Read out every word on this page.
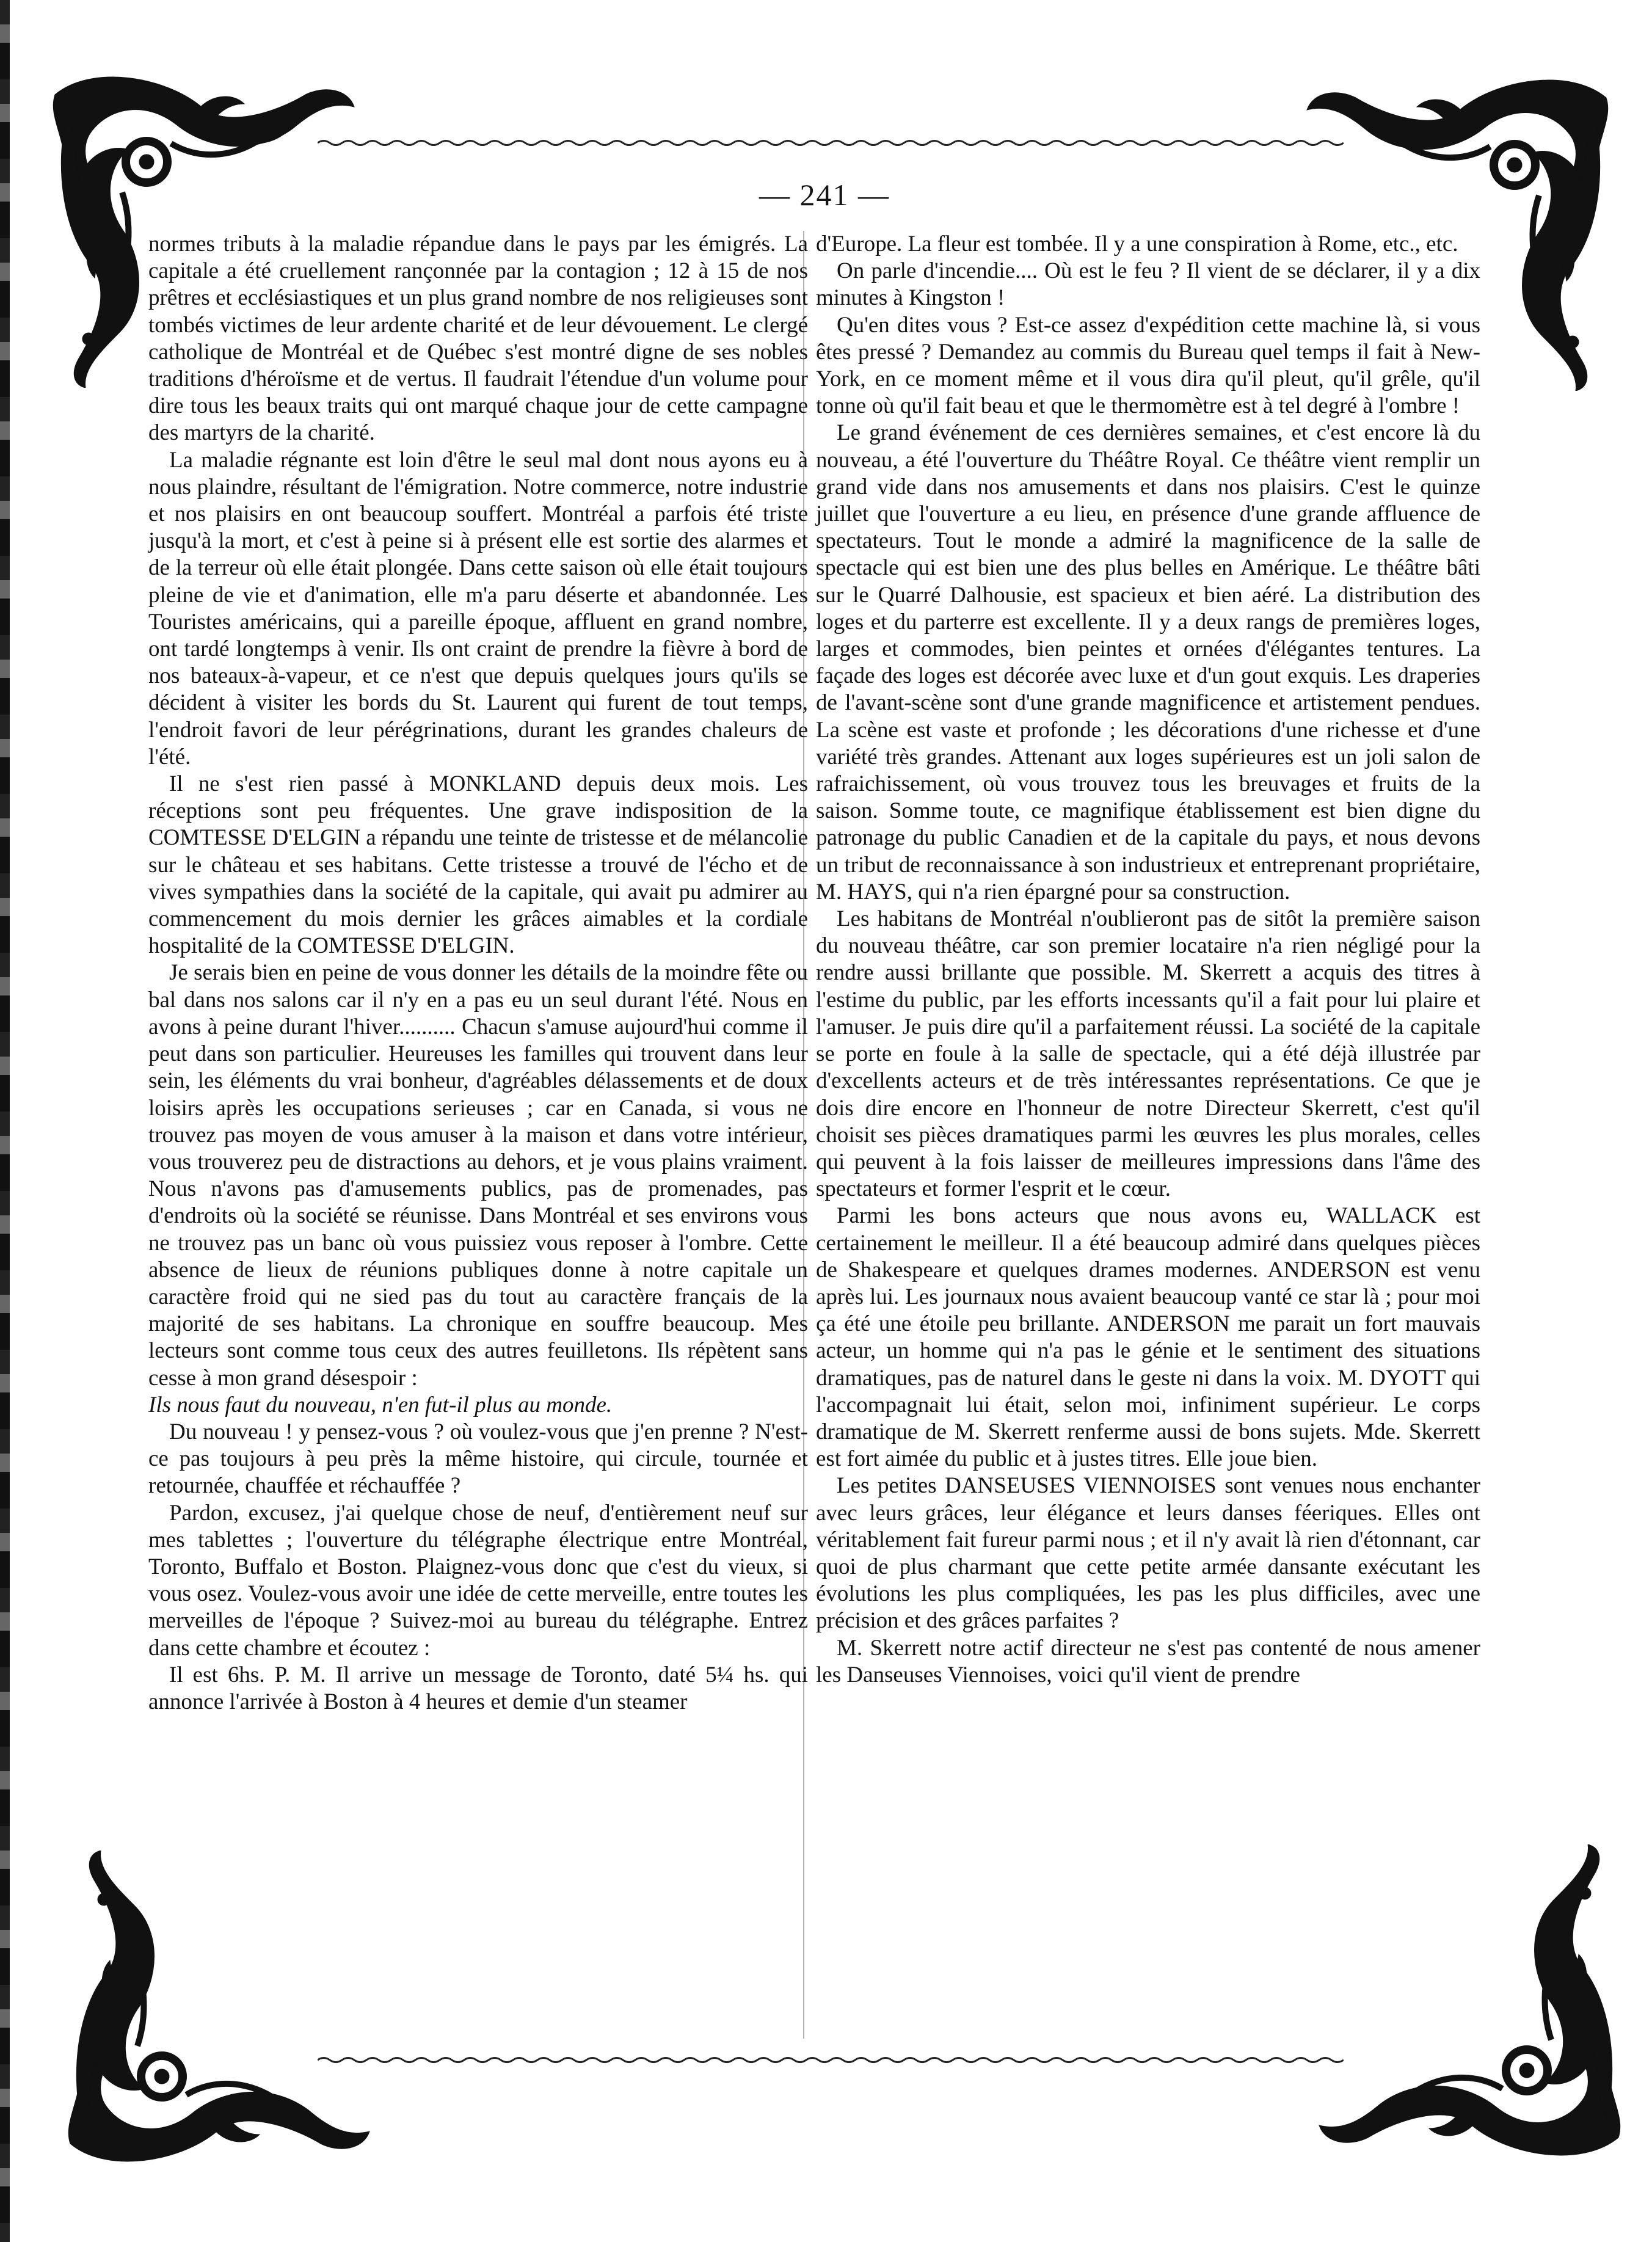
— 241 —

normes tributs à la maladie répandue dans le pays par les émigrés. La capitale a été cruellement rançonnée par la contagion ; 12 à 15 de nos prêtres et ecclésiastiques et un plus grand nombre de nos religieuses sont tombés victimes de leur ardente charité et de leur dévouement. Le clergé catholique de Montréal et de Québec s'est montré digne de ses nobles traditions d'héroïsme et de vertus. Il faudrait l'étendue d'un volume pour dire tous les beaux traits qui ont marqué chaque jour de cette campagne des martyrs de la charité.

La maladie régnante est loin d'être le seul mal dont nous ayons eu à nous plaindre, résultant de l'émigration. Notre commerce, notre industrie et nos plaisirs en ont beaucoup souffert. Montréal a parfois été triste jusqu'à la mort, et c'est à peine si à présent elle est sortie des alarmes et de la terreur où elle était plongée. Dans cette saison où elle était toujours pleine de vie et d'animation, elle m'a paru déserte et abandonnée. Les Touristes américains, qui a pareille époque, affluent en grand nombre, ont tardé longtemps à venir. Ils ont craint de prendre la fièvre à bord de nos bateaux-à-vapeur, et ce n'est que depuis quelques jours qu'ils se décident à visiter les bords du St. Laurent qui furent de tout temps, l'endroit favori de leur pérégrinations, durant les grandes chaleurs de l'été.

Il ne s'est rien passé à MONKLAND depuis deux mois. Les réceptions sont peu fréquentes. Une grave indisposition de la COMTESSE D'ELGIN a répandu une teinte de tristesse et de mélancolie sur le château et ses habitans. Cette tristesse a trouvé de l'écho et de vives sympathies dans la société de la capitale, qui avait pu admirer au commencement du mois dernier les grâces aimables et la cordiale hospitalité de la COMTESSE D'ELGIN.

Je serais bien en peine de vous donner les détails de la moindre fête ou bal dans nos salons car il n'y en a pas eu un seul durant l'été. Nous en avons à peine durant l'hiver.......... Chacun s'amuse aujourd'hui comme il peut dans son particulier. Heureuses les familles qui trouvent dans leur sein, les éléments du vrai bonheur, d'agréables délassements et de doux loisirs après les occupations serieuses ; car en Canada, si vous ne trouvez pas moyen de vous amuser à la maison et dans votre intérieur, vous trouverez peu de distractions au dehors, et je vous plains vraiment. Nous n'avons pas d'amusements publics, pas de promenades, pas d'endroits où la société se réunisse. Dans Montréal et ses environs vous ne trouvez pas un banc où vous puissiez vous reposer à l'ombre. Cette absence de lieux de réunions publiques donne à notre capitale un caractère froid qui ne sied pas du tout au caractère français de la majorité de ses habitans. La chronique en souffre beaucoup. Mes lecteurs sont comme tous ceux des autres feuilletons. Ils répètent sans cesse à mon grand désespoir :

Ils nous faut du nouveau, n'en fut-il plus au monde.

Du nouveau ! y pensez-vous ? où voulez-vous que j'en prenne ? N'est-ce pas toujours à peu près la même histoire, qui circule, tournée et retournée, chauffée et réchauffée ?

Pardon, excusez, j'ai quelque chose de neuf, d'entièrement neuf sur mes tablettes ; l'ouverture du télégraphe électrique entre Montréal, Toronto, Buffalo et Boston. Plaignez-vous donc que c'est du vieux, si vous osez. Voulez-vous avoir une idée de cette merveille, entre toutes les merveilles de l'époque ? Suivez-moi au bureau du télégraphe. Entrez dans cette chambre et écoutez :

Il est 6hs. P. M. Il arrive un message de Toronto, daté 5¼ hs. qui annonce l'arrivée à Boston à 4 heures et demie d'un steamer

d'Europe. La fleur est tombée. Il y a une conspiration à Rome, etc., etc.

On parle d'incendie.... Où est le feu ? Il vient de se déclarer, il y a dix minutes à Kingston !

Qu'en dites vous ? Est-ce assez d'expédition cette machine là, si vous êtes pressé ? Demandez au commis du Bureau quel temps il fait à New-York, en ce moment même et il vous dira qu'il pleut, qu'il grêle, qu'il tonne où qu'il fait beau et que le thermomètre est à tel degré à l'ombre !

Le grand événement de ces dernières semaines, et c'est encore là du nouveau, a été l'ouverture du Théâtre Royal. Ce théâtre vient remplir un grand vide dans nos amusements et dans nos plaisirs. C'est le quinze juillet que l'ouverture a eu lieu, en présence d'une grande affluence de spectateurs. Tout le monde a admiré la magnificence de la salle de spectacle qui est bien une des plus belles en Amérique. Le théâtre bâti sur le Quarré Dalhousie, est spacieux et bien aéré. La distribution des loges et du parterre est excellente. Il y a deux rangs de premières loges, larges et commodes, bien peintes et ornées d'élégantes tentures. La façade des loges est décorée avec luxe et d'un gout exquis. Les draperies de l'avant-scène sont d'une grande magnificence et artistement pendues. La scène est vaste et profonde ; les décorations d'une richesse et d'une variété très grandes. Attenant aux loges supérieures est un joli salon de rafraichissement, où vous trouvez tous les breuvages et fruits de la saison. Somme toute, ce magnifique établissement est bien digne du patronage du public Canadien et de la capitale du pays, et nous devons un tribut de reconnaissance à son industrieux et entreprenant propriétaire, M. HAYS, qui n'a rien épargné pour sa construction.

Les habitans de Montréal n'oublieront pas de sitôt la première saison du nouveau théâtre, car son premier locataire n'a rien négligé pour la rendre aussi brillante que possible. M. Skerrett a acquis des titres à l'estime du public, par les efforts incessants qu'il a fait pour lui plaire et l'amuser. Je puis dire qu'il a parfaitement réussi. La société de la capitale se porte en foule à la salle de spectacle, qui a été déjà illustrée par d'excellents acteurs et de très intéressantes représentations. Ce que je dois dire encore en l'honneur de notre Directeur Skerrett, c'est qu'il choisit ses pièces dramatiques parmi les œuvres les plus morales, celles qui peuvent à la fois laisser de meilleures impressions dans l'âme des spectateurs et former l'esprit et le cœur.

Parmi les bons acteurs que nous avons eu, WALLACK est certainement le meilleur. Il a été beaucoup admiré dans quelques pièces de Shakespeare et quelques drames modernes. ANDERSON est venu après lui. Les journaux nous avaient beaucoup vanté ce star là ; pour moi ça été une étoile peu brillante. ANDERSON me parait un fort mauvais acteur, un homme qui n'a pas le génie et le sentiment des situations dramatiques, pas de naturel dans le geste ni dans la voix. M. DYOTT qui l'accompagnait lui était, selon moi, infiniment supérieur. Le corps dramatique de M. Skerrett renferme aussi de bons sujets. Mde. Skerrett est fort aimée du public et à justes titres. Elle joue bien.

Les petites DANSEUSES VIENNOISES sont venues nous enchanter avec leurs grâces, leur élégance et leurs danses féeriques. Elles ont véritablement fait fureur parmi nous ; et il n'y avait là rien d'étonnant, car quoi de plus charmant que cette petite armée dansante exécutant les évolutions les plus compliquées, les pas les plus difficiles, avec une précision et des grâces parfaites ?

M. Skerrett notre actif directeur ne s'est pas contenté de nous amener les Danseuses Viennoises, voici qu'il vient de prendre
